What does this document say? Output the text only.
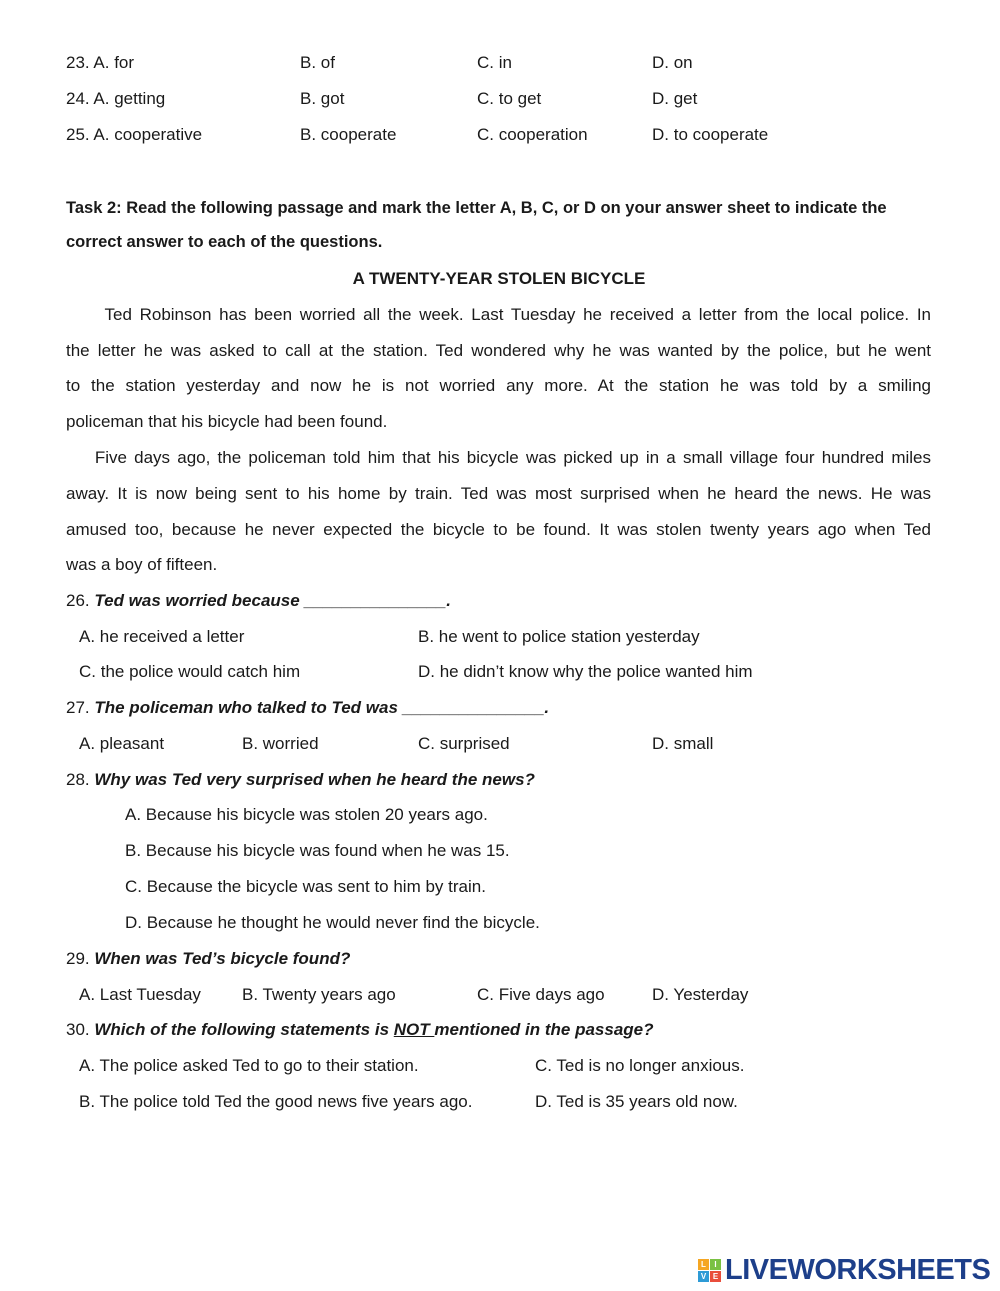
23. A. for	B. of	C. in	D. on
24. A. getting	B. got	C. to get	D. get
25. A. cooperative	B. cooperate	C. cooperation	D. to cooperate
Task 2: Read the following passage and mark the letter A, B, C, or D on your answer sheet to indicate the
correct answer to each of the questions.
A TWENTY-YEAR STOLEN BICYCLE
Ted Robinson has been worried all the week. Last Tuesday he received a letter from the local police. In
the letter he was asked to call at the station. Ted wondered why he was wanted by the police, but he went
to the station yesterday and now he is not worried any more. At the station he was told by a smiling
policeman that his bicycle had been found.
Five days ago, the policeman told him that his bicycle was picked up in a small village four hundred miles
away. It is now being sent to his home by train. Ted was most surprised when he heard the news. He was
amused too, because he never expected the bicycle to be found. It was stolen twenty years ago when Ted
was a boy of fifteen.
26. Ted was worried because _______________.
A. he received a letter	B. he went to police station yesterday
C. the police would catch him	D. he didn’t know why the police wanted him
27. The policeman who talked to Ted was _______________.
A. pleasant	B. worried	C. surprised	D. small
28. Why was Ted very surprised when he heard the news?
A. Because his bicycle was stolen 20 years ago.
B. Because his bicycle was found when he was 15.
C. Because the bicycle was sent to him by train.
D. Because he thought he would never find the bicycle.
29. When was Ted’s bicycle found?
A. Last Tuesday B. Twenty years ago	C. Five days ago	D. Yesterday
30. Which of the following statements is NOT mentioned in the passage?
A. The police asked Ted to go to their station.	C. Ted is no longer anxious.
B. The police told Ted the good news five years ago.	D. Ted is 35 years old now.
L	I
V E LIVEWORKSHEETS
